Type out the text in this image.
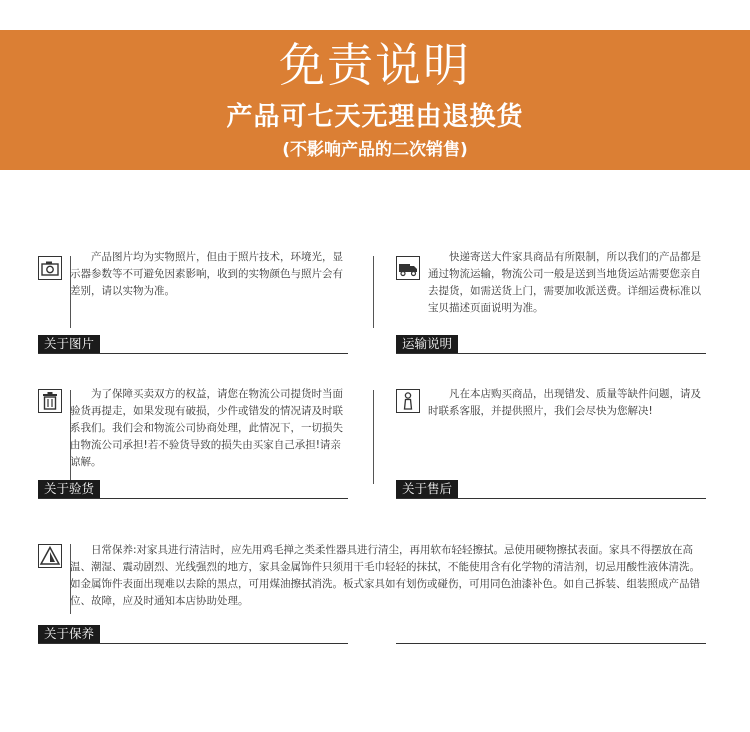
免责说明
产品可七天无理由退换货
(不影响产品的二次销售)
产品图片均为实物照片，但由于照片技术，环境光，显示器参数等不可避免因素影响，收到的实物颜色与照片会有差别，请以实物为准。
关于图片
快递寄送大件家具商品有所限制，所以我们的产品都是通过物流运输，物流公司一般是送到当地货运站需要您亲自去提货，如需送货上门，需要加收派送费。详细运费标准以宝贝描述页面说明为准。
运输说明
为了保障买卖双方的权益，请您在物流公司提货时当面验货再提走，如果发现有破损，少件或错发的情况请及时联系我们。我们会和物流公司协商处理，此情况下，一切损失由物流公司承担!若不验货导致的损失由买家自己承担!请亲谅解。
关于验货
凡在本店购买商品，出现错发、质量等缺件问题，请及时联系客服，并提供照片，我们会尽快为您解决!
关于售后
日常保养:对家具进行清洁时，应先用鸡毛掸之类柔性器具进行清尘，再用软布轻轻擦拭。忌使用硬物擦拭表面。家具不得摆放在高温、潮湿、震动剧烈、光线强烈的地方，家具金属饰件只须用干毛巾轻轻的抹拭，不能使用含有化学物的清洁剂，切忌用酸性液体清洗。如金属饰件表面出现难以去除的黑点，可用煤油擦拭消洗。板式家具如有划伤或碰伤，可用同色油漆补色。如自己拆装、组装照成产品错位、故障，应及时通知本店协助处理。
关于保养
